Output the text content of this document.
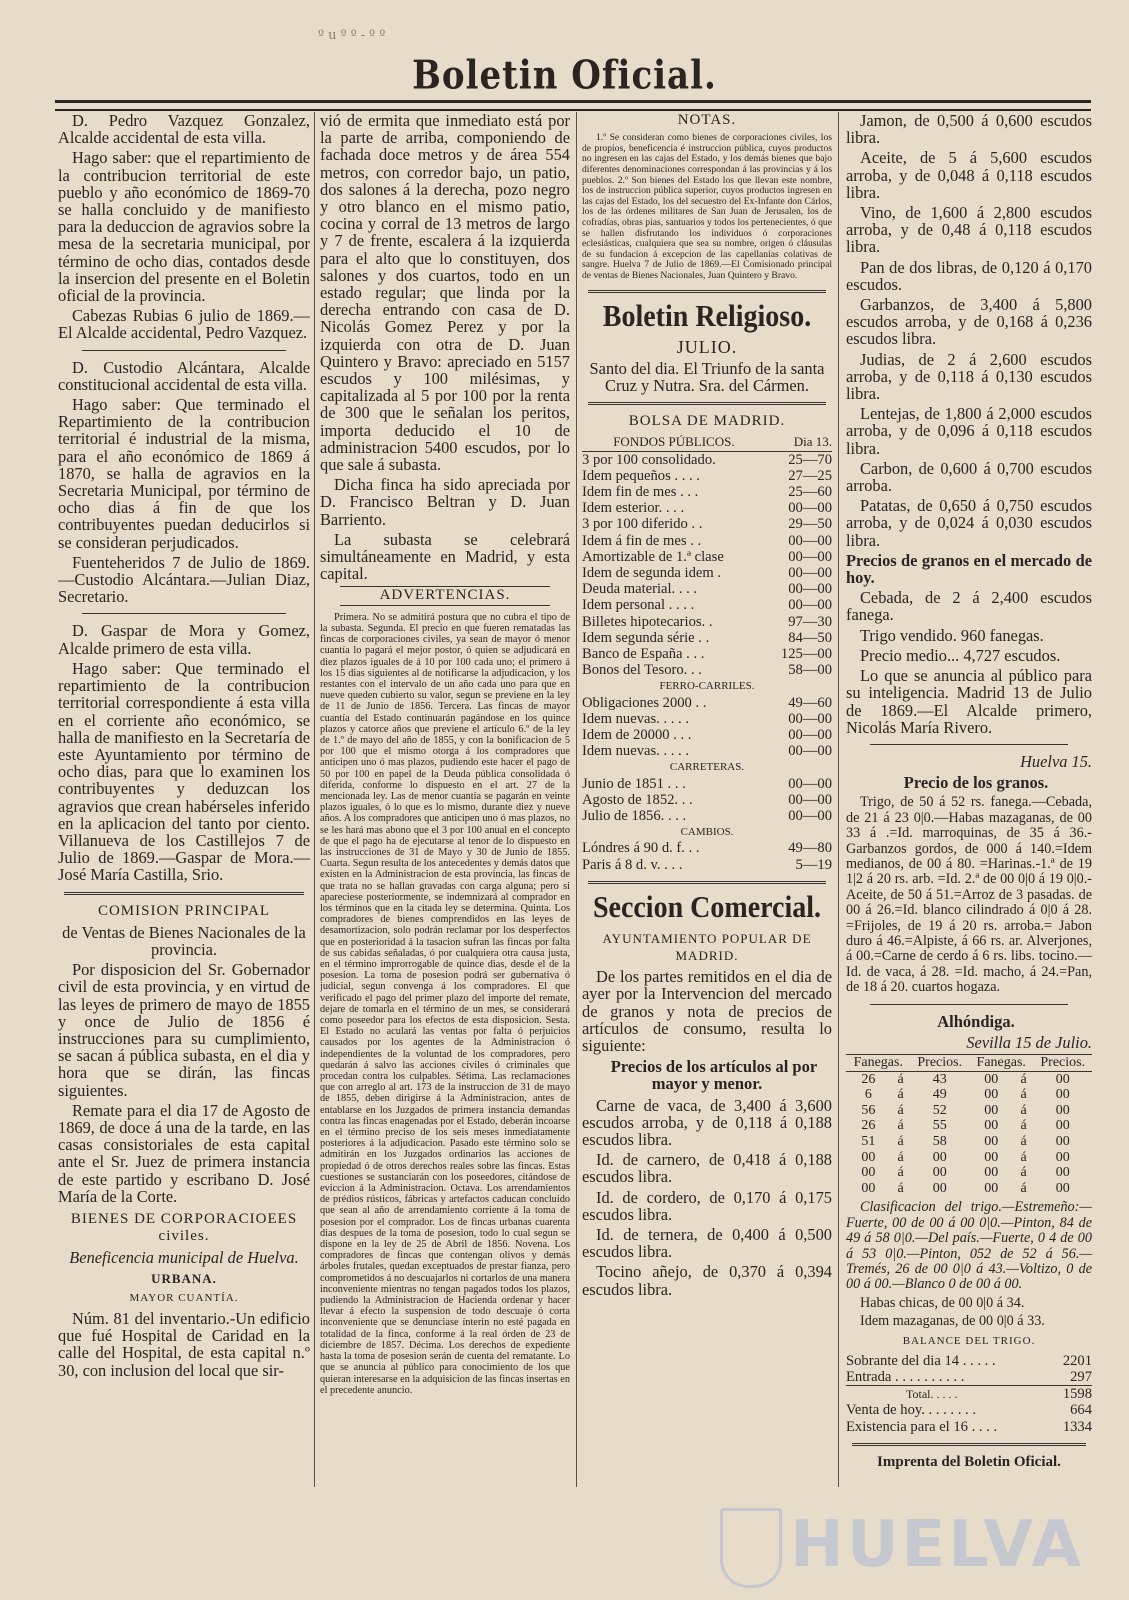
ºuºº-ºº
Boletin Oficial.

D. Pedro Vazquez Gonzalez, Alcalde accidental de esta villa.

Hago saber: que el repartimiento de la contribucion territorial de este pueblo y año económico de 1869-70 se halla concluido y de manifiesto para la deduccion de agravios sobre la mesa de la secretaria municipal, por término de ocho dias, contados desde la insercion del presente en el Boletin oficial de la provincia.

Cabezas Rubias 6 julio de 1869.—El Alcalde accidental, Pedro Vazquez.

D. Custodio Alcántara, Alcalde constitucional accidental de esta villa.

Hago saber: Que terminado el Repartimiento de la contribucion territorial é industrial de la misma, para el año económico de 1869 á 1870, se halla de agravios en la Secretaria Municipal, por término de ocho dias á fin de que los contribuyentes puedan deducirlos si se consideran perjudicados.

Fuenteheridos 7 de Julio de 1869. —Custodio Alcántara.—Julian Diaz, Secretario.

D. Gaspar de Mora y Gomez, Alcalde primero de esta villa.

Hago saber: Que terminado el repartimiento de la contribucion territorial correspondiente á esta villa en el corriente año económico, se halla de manifiesto en la Secretaría de este Ayuntamiento por término de ocho dias, para que lo examinen los contribuyentes y deduzcan los agravios que crean habérseles inferido en la aplicacion del tanto por ciento. Villanueva de los Castillejos 7 de Julio de 1869.—Gaspar de Mora.—José María Castilla, Srio.

COMISION PRINCIPAL

de Ventas de Bienes Nacionales de la provincia.

Por disposicion del Sr. Gobernador civil de esta provincia, y en virtud de las leyes de primero de mayo de 1855 y once de Julio de 1856 é instrucciones para su cumplimiento, se sacan á pública subasta, en el dia y hora que se dirán, las fincas siguientes.

Remate para el dia 17 de Agosto de 1869, de doce á una de la tarde, en las casas consistoriales de esta capital ante el Sr. Juez de primera instancia de este partido y escribano D. José María de la Corte.

BIENES DE CORPORACIOEES civiles.

Beneficencia municipal de Huelva.

URBANA.

MAYOR CUANTÍA.

Núm. 81 del inventario.-Un edificio que fué Hospital de Caridad en la calle del Hospital, de esta capital n.º 30, con inclusion del local que sir-

vió de ermita que inmediato está por la parte de arriba, componiendo de fachada doce metros y de área 554 metros, con corredor bajo, un patio, dos salones á la derecha, pozo negro y otro blanco en el mismo patio, cocina y corral de 13 metros de largo y 7 de frente, escalera á la izquierda para el alto que lo constituyen, dos salones y dos cuartos, todo en un estado regular; que linda por la derecha entrando con casa de D. Nicolás Gomez Perez y por la izquierda con otra de D. Juan Quintero y Bravo: apreciado en 5157 escudos y 100 milésimas, y capitalizada al 5 por 100 por la renta de 300 que le señalan los peritos, importa deducido el 10 de administracion 5400 escudos, por lo que sale á subasta.

Dicha finca ha sido apreciada por D. Francisco Beltran y D. Juan Barriento.

La subasta se celebrará simultáneamente en Madrid, y esta capital.

ADVERTENCIAS.

Primera. No se admitirá postura que no cubra el tipo de la subasta. Segunda. El precio en que fueren rematadas las fincas de corporaciones civiles, ya sean de mayor ó menor cuantía lo pagará el mejor postor, ó quien se adjudicará en diez plazos iguales de á 10 por 100 cada uno; el primero á los 15 dias siguientes al de notificarse la adjudicacion, y los restantes con el intervalo de un año cada uno para que en nueve queden cubierto su valor, segun se previene en la ley de 11 de Junio de 1856. Tercera. Las fincas de mayor cuantía del Estado continuarán pagándose en los quince plazos y catorce años que previene el artículo 6.º de la ley de 1.º de mayo del año de 1855, y con la bonificacion de 5 por 100 que el mismo otorga á los compradores que anticipen uno ó mas plazos, pudiendo este hacer el pago de 50 por 100 en papel de la Deuda pública consolidada ó diferida, conforme lo dispuesto en el art. 27 de la mencionada ley. Las de menor cuantía se pagarán en veinte plazos iguales, ó lo que es lo mismo, durante diez y nueve años. A los compradores que anticipen uno ó mas plazos, no se les hará mas abono que el 3 por 100 anual en el concepto de que el pago ha de ejecutarse al tenor de lo dispuesto en las instrucciones de 31 de Mayo y 30 de Junio de 1855. Cuarta. Segun resulta de los antecedentes y demás datos que existen en la Administracion de esta provincia, las fincas de que trata no se hallan gravadas con carga alguna; pero si apareciese posteriormente, se indemnizará al comprador en los términos que en la citada ley se determina. Quinta. Los compradores de bienes comprendidos en las leyes de desamortizacion, solo podrán reclamar por los desperfectos que en posterioridad á la tasacion sufran las fincas por falta de sus cabidas señaladas, ó por cualquiera otra causa justa, en el término improrrogable de quince dias, desde el de la posesion. La toma de posesion podrá ser gubernativa ó judicial, segun convenga á los compradores. El que verificado el pago del primer plazo del importe del remate, dejare de tomarla en el término de un mes, se considerará como poseedor para los efectos de esta disposicion. Sesta. El Estado no aculará las ventas por falta ó perjuicios causados por los agentes de la Administracion ó independientes de la voluntad de los compradores, pero quedarán á salvo las acciones civiles ó criminales que procedan contra los culpables. Sétima. Las reclamaciones que con arreglo al art. 173 de la instruccion de 31 de mayo de 1855, deben dirigirse á la Administracion, antes de entablarse en los Juzgados de primera instancia demandas contra las fincas enagenadas por el Estado, deberán incoarse en el término preciso de los seis meses inmediatamente posteriores á la adjudicacion. Pasado este término solo se admitirán en los Juzgados ordinarios las acciones de propiedad ó de otros derechos reales sobre las fincas. Estas cuestiones se sustanciarán con los poseedores, citándose de eviccion á la Administracion. Octava. Los arrendamientos de prédios rústicos, fábricas y artefactos caducan concluido que sean al año de arrendamiento corriente á la toma de posesion por el comprador. Los de fincas urbanas cuarenta dias despues de la toma de posesion, todo lo cual segun se dispone en la ley de 25 de Abril de 1856. Novena. Los compradores de fincas que contengan olivos y demás árboles frutales, quedan exceptuados de prestar fianza, pero comprometidos á no descuajarlos ni cortarlos de una manera inconveniente mientras no tengan pagados todos los plazos, pudiendo la Administracion de Hacienda ordenar y hacer llevar á efecto la suspension de todo descuaje ó corta inconveniente que se denunciase ínterin no esté pagada en totalidad de la finca, conforme á la real órden de 23 de diciembre de 1857. Décima. Los derechos de expediente hasta la toma de posesion serán de cuenta del rematante. Lo que se anuncia al público para conocimiento de los que quieran interesarse en la adquisicion de las fincas insertas en el precedente anuncio.

NOTAS.

1.º Se consideran como bienes de corporaciones civiles, los de propios, beneficencia é instruccion pública, cuyos productos no ingresen en las cajas del Estado, y los demás bienes que bajo diferentes denominaciones correspondan á las provincias y á los pueblos. 2.º Son bienes del Estado los que llevan este nombre, los de instruccion pública superior, cuyos productos ingresen en las cajas del Estado, los del secuestro del Ex-Infante don Cárlos, los de las órdenes militares de San Juan de Jerusalen, los de cofradías, obras pias, santuarios y todos los pertenecientes, ó que se hallen disfrutando los individuos ó corporaciones eclesiásticas, cualquiera que sea su nombre, origen ó cláusulas de su fundacion á excepcion de las capellanías colativas de sangre. Huelva 7 de Julio de 1869.—El Comisionado principal de ventas de Bienes Nacionales, Juan Quintero y Bravo.

Boletin Religioso.
JULIO.

Santo del dia. El Triunfo de la santa Cruz y Nutra. Sra. del Cármen.

BOLSA DE MADRID.
FONDOS PÚBLICOS.	Dia 13.
3 por 100 consolidado.	25—70
Idem pequeños . . . .	27—25
Idem fin de mes . . .	25—60
Idem esterior. . . .	00—00
3 por 100 diferido . .	29—50
Idem á fin de mes . .	00—00
Amortizable de 1.ª clase	00—00
Idem de segunda idem .	00—00
Deuda material. . . .	00—00
Idem personal . . . .	00—00
Billetes hipotecarios. .	97—30
Idem segunda série . .	84—50
Banco de España . . .	125—00
Bonos del Tesoro. . .	58—00
FERRO-CARRILES.	
Obligaciones 2000 . .	49—60
Idem nuevas. . . . .	00—00
Idem de 20000 . . .	00—00
Idem nuevas. . . . .	00—00
CARRETERAS.	
Junio de 1851 . . .	00—00
Agosto de 1852. . .	00—00
Julio de 1856. . . .	00—00
CAMBIOS.	
Lóndres á 90 d. f. . .	49—80
Paris á 8 d. v. . . .	5—19
Seccion Comercial.
AYUNTAMIENTO POPULAR DE MADRID.

De los partes remitidos en el dia de ayer por la Intervencion del mercado de granos y nota de precios de artículos de consumo, resulta lo siguiente:

Precios de los artículos al por mayor y menor.

Carne de vaca, de 3,400 á 3,600 escudos arroba, y de 0,118 á 0,188 escudos libra.

Id. de carnero, de 0,418 á 0,188 escudos libra.

Id. de cordero, de 0,170 á 0,175 escudos libra.

Id. de ternera, de 0,400 á 0,500 escudos libra.

Tocino añejo, de 0,370 á 0,394 escudos libra.

Jamon, de 0,500 á 0,600 escudos libra.

Aceite, de 5 á 5,600 escudos arroba, y de 0,048 á 0,118 escudos libra.

Vino, de 1,600 á 2,800 escudos arroba, y de 0,48 á 0,118 escudos libra.

Pan de dos libras, de 0,120 á 0,170 escudos.

Garbanzos, de 3,400 á 5,800 escudos arroba, y de 0,168 á 0,236 escudos libra.

Judias, de 2 á 2,600 escudos arroba, y de 0,118 á 0,130 escudos libra.

Lentejas, de 1,800 á 2,000 escudos arroba, y de 0,096 á 0,118 escudos libra.

Carbon, de 0,600 á 0,700 escudos arroba.

Patatas, de 0,650 á 0,750 escudos arroba, y de 0,024 á 0,030 escudos libra.

Precios de granos en el mercado de hoy.

Cebada, de 2 á 2,400 escudos fanega.

Trigo vendido. 960 fanegas.

Precio medio... 4,727 escudos.

Lo que se anuncia al público para su inteligencia. Madrid 13 de Julio de 1869.—El Alcalde primero, Nicolás María Rivero.

Huelva 15.

Precio de los granos.

Trigo, de 50 á 52 rs. fanega.—Cebada, de 21 á 23 0|0.—Habas mazaganas, de 00 33 á .=Id. marroquinas, de 35 á 36.-Garbanzos gordos, de 000 á 140.=Idem medianos, de 00 á 80. =Harinas.-1.ª de 19 1|2 á 20 rs. arb. =Id. 2.ª de 00 0|0 á 19 0|0.-Aceite, de 50 á 51.=Arroz de 3 pasadas. de 00 á 26.=Id. blanco cilindrado á 0|0 á 28. =Frijoles, de 19 á 20 rs. arroba.= Jabon duro á 46.=Alpiste, á 66 rs. ar. Alverjones, á 00.=Carne de cerdo á 6 rs. libs. tocino.—Id. de vaca, á 28. =Id. macho, á 24.=Pan, de 18 á 20. cuartos hogaza.

Alhóndiga.

Sevilla 15 de Julio.

Fanegas.		Precios.	Fanegas.		Precios.
26	á	43	00	á	00
6	á	49	00	á	00
56	á	52	00	á	00
26	á	55	00	á	00
51	á	58	00	á	00
00	á	00	00	á	00
00	á	00	00	á	00
00	á	00	00	á	00

Clasificacion del trigo.—Estremeño:—Fuerte, 00 de 00 á 00 0|0.—Pinton, 84 de 49 á 58 0|0.—Del país.—Fuerte, 0 4 de 00 á 53 0|0.—Pinton, 052 de 52 á 56.—Tremés, 26 de 00 0|0 á 43.—Voltizo, 0 de 00 á 00.—Blanco 0 de 00 á 00.

Habas chicas, de 00 0|0 á 34.

Idem mazaganas, de 00 0|0 á 33.

BALANCE DEL TRIGO.

Sobrante del dia 14 . . . . .	2201
Entrada . . . . . . . . . .	297
Total. . . . .	1598
Venta de hoy. . . . . . . .	664
Existencia para el 16 . . . .	1334
Imprenta del Boletin Oficial.
HUELVA
